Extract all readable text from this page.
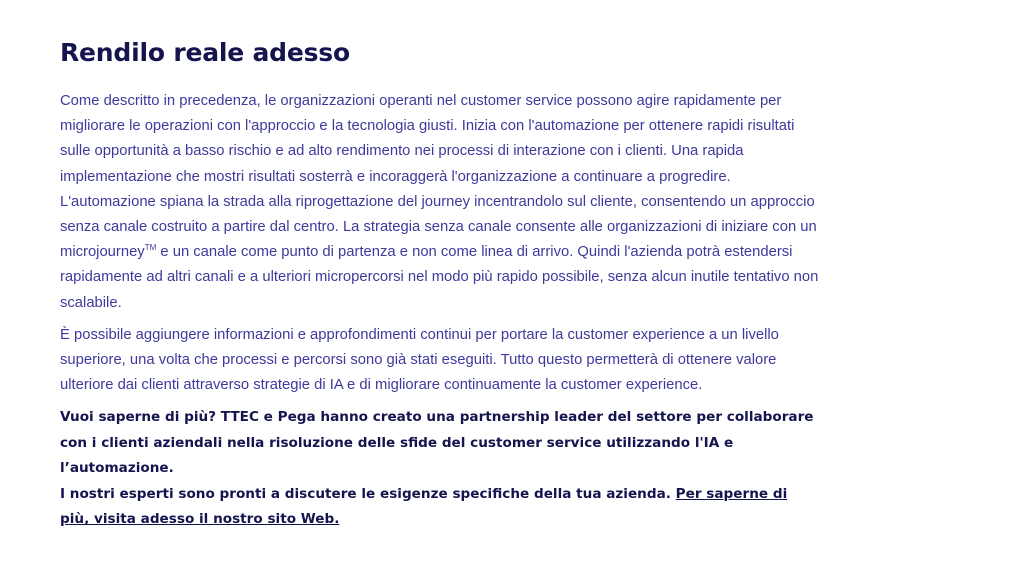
Rendilo reale adesso

Come descritto in precedenza, le organizzazioni operanti nel customer service possono agire rapidamente per migliorare le operazioni con l'approccio e la tecnologia giusti. Inizia con l'automazione per ottenere rapidi risultati sulle opportunità a basso rischio e ad alto rendimento nei processi di interazione con i clienti. Una rapida implementazione che mostri risultati sosterrà e incoraggerà l'organizzazione a continuare a progredire. L'automazione spiana la strada alla riprogettazione del journey incentrandolo sul cliente, consentendo un approccio senza canale costruito a partire dal centro. La strategia senza canale consente alle organizzazioni di iniziare con un microjourney™ e un canale come punto di partenza e non come linea di arrivo. Quindi l'azienda potrà estendersi rapidamente ad altri canali e a ulteriori micropercorsi nel modo più rapido possibile, senza alcun inutile tentativo non scalabile.

È possibile aggiungere informazioni e approfondimenti continui per portare la customer experience a un livello superiore, una volta che processi e percorsi sono già stati eseguiti. Tutto questo permetterà di ottenere valore ulteriore dai clienti attraverso strategie di IA e di migliorare continuamente la customer experience.

Vuoi saperne di più? TTEC e Pega hanno creato una partnership leader del settore per collaborare con i clienti aziendali nella risoluzione delle sfide del customer service utilizzando l'IA e l’automazione.
I nostri esperti sono pronti a discutere le esigenze specifiche della tua azienda. Per saperne di più, visita adesso il nostro sito Web.
